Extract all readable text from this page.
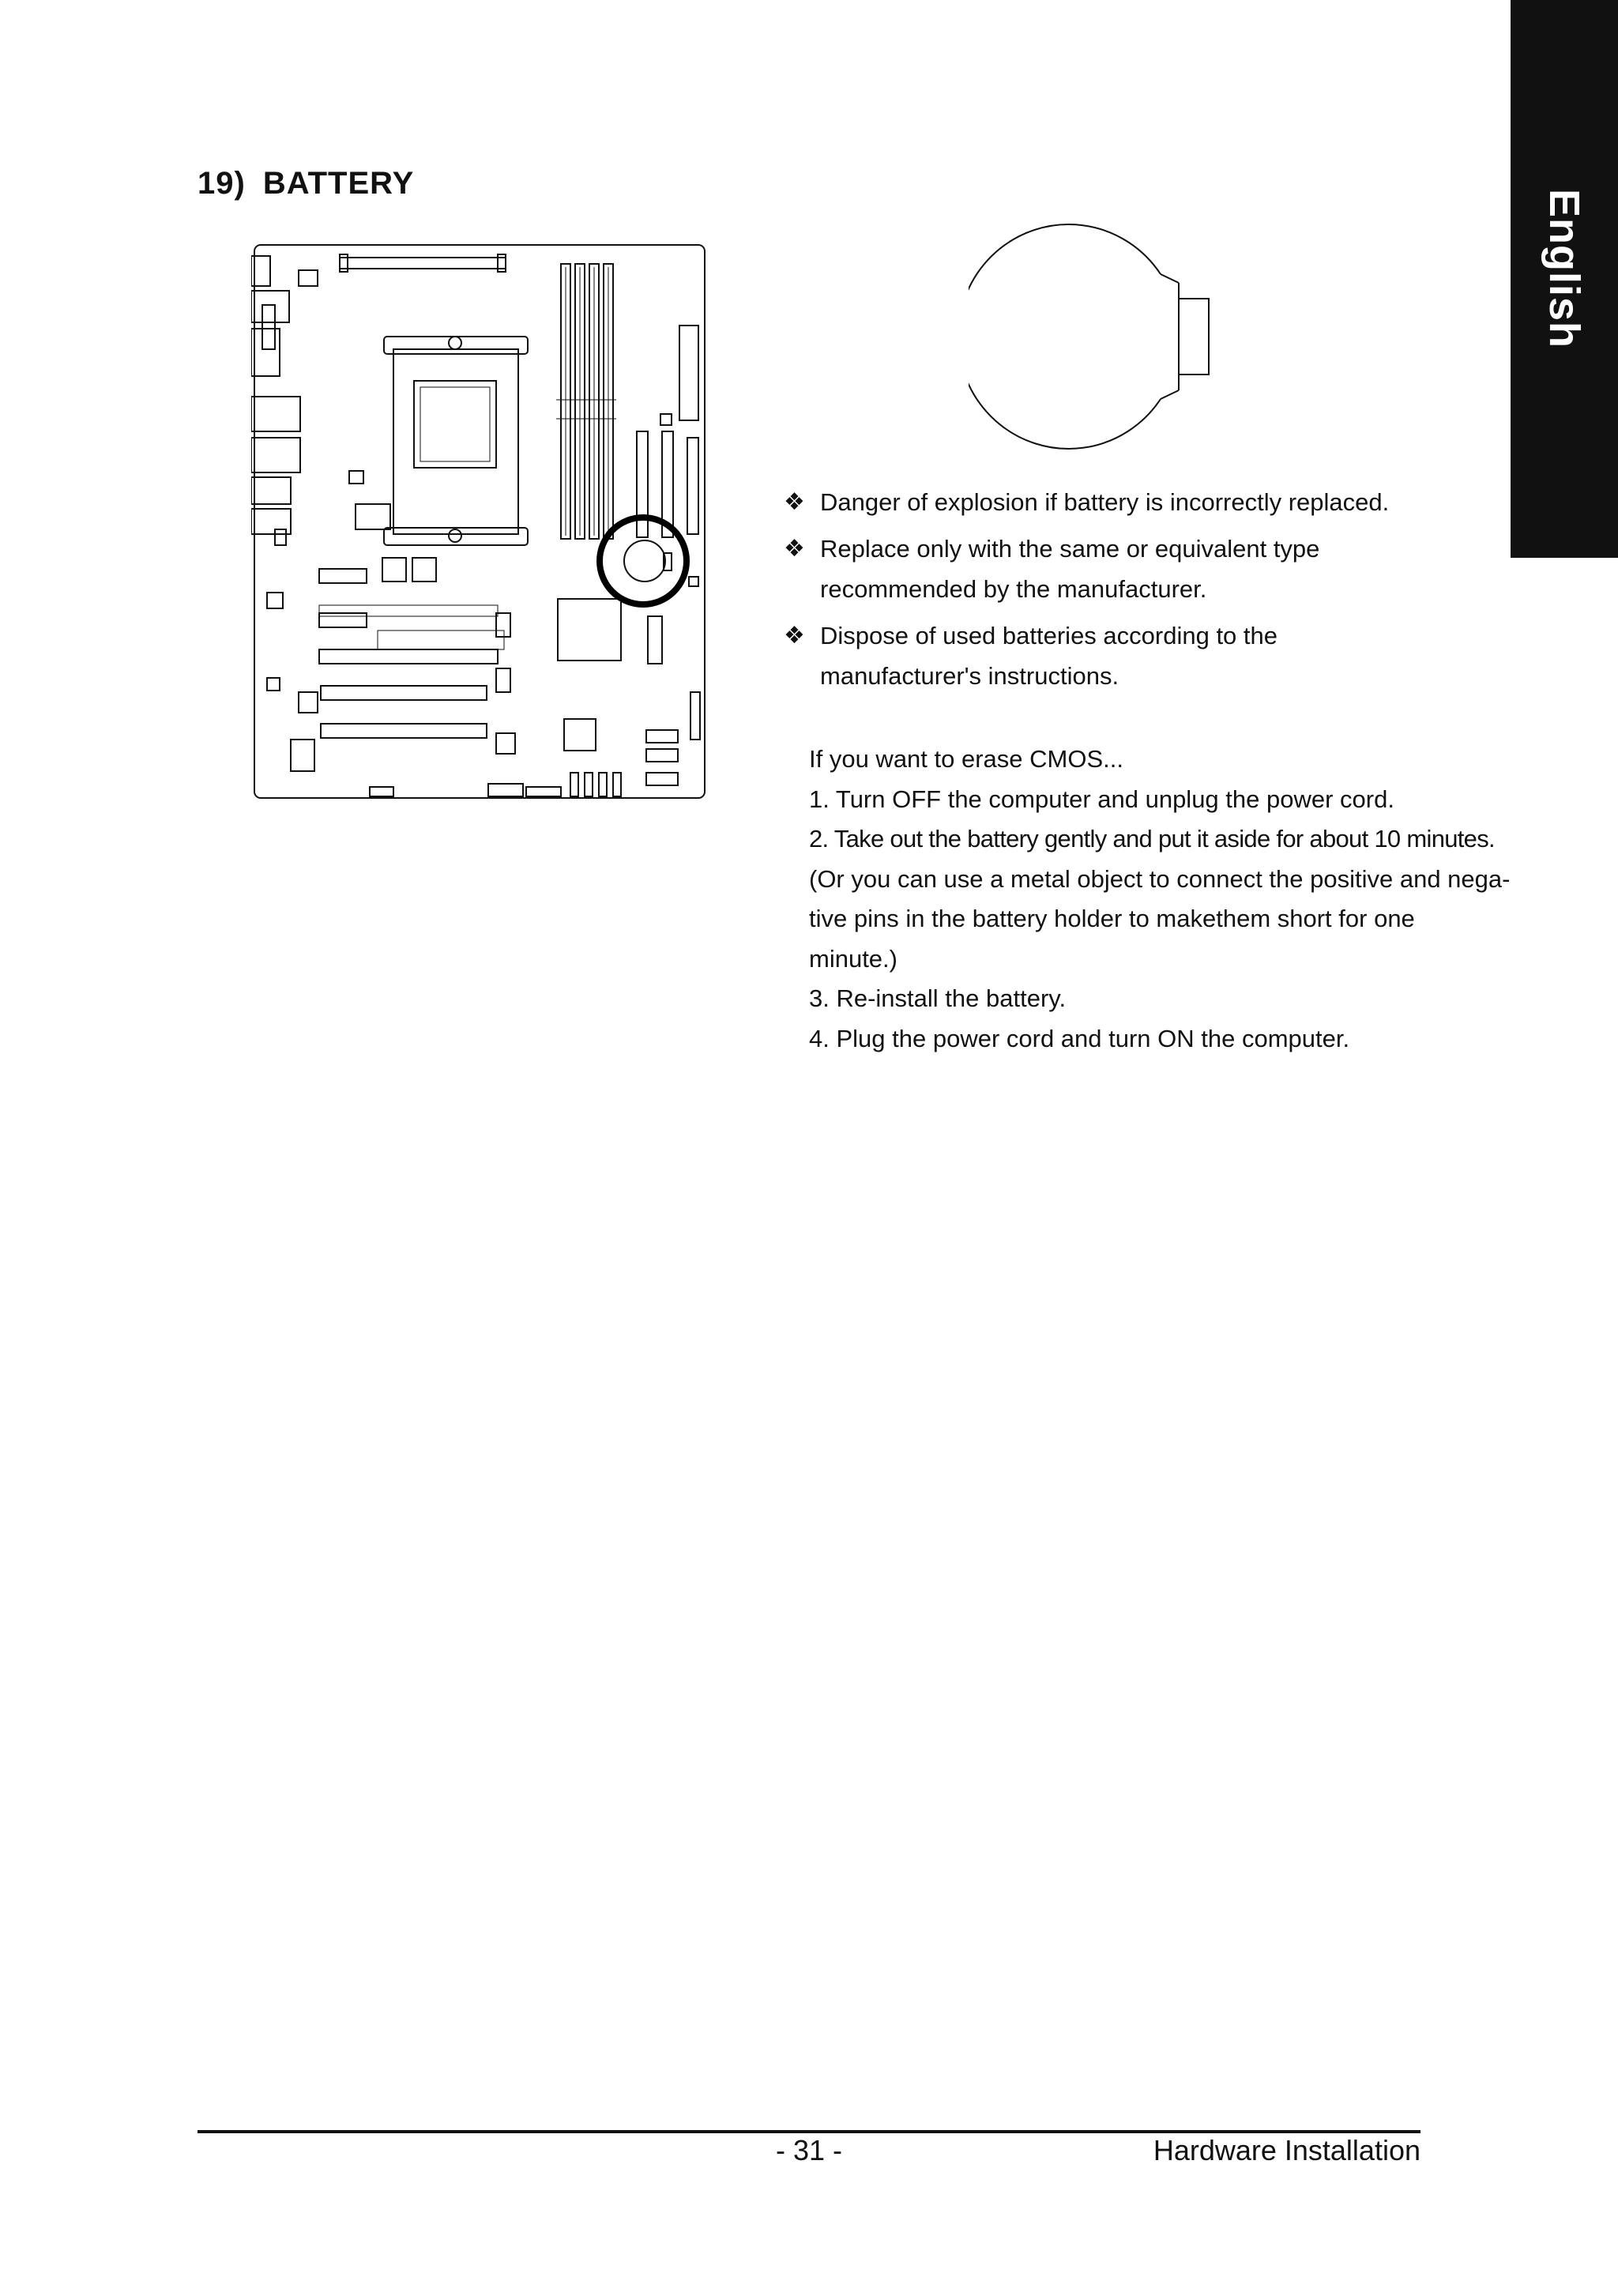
English
19) BATTERY
❖ Danger of explosion if battery is incorrectly replaced.
❖ Replace only with the same or equivalent type recommended by the manufacturer.
❖ Dispose of used batteries according to the manufacturer's instructions.
If you want to erase CMOS...
1. Turn OFF the computer and unplug the power cord.
2. Take out the battery gently and put it aside for about 10 minutes.
(Or you can use a metal object to connect the positive and nega-
tive pins in the battery holder to makethem short for one
minute.)
3. Re-install the battery.
4. Plug the power cord and turn ON the computer.
- 31 -	Hardware Installation
